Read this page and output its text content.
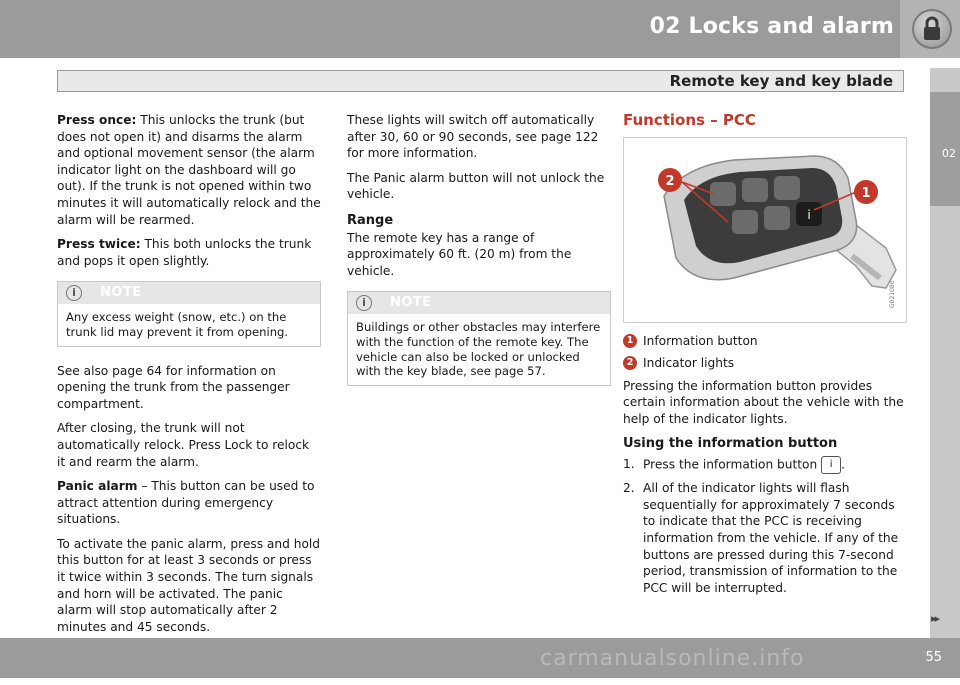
02 Locks and alarm
Remote key and key blade
02

Press once: This unlocks the trunk (but does not open it) and disarms the alarm and optional movement sensor (the alarm indicator light on the dashboard will go out). If the trunk is not opened within two minutes it will automatically relock and the alarm will be rearmed.

Press twice: This both unlocks the trunk and pops it open slightly.

i	NOTE
Any excess weight (snow, etc.) on the trunk lid may prevent it from opening.

See also page 64 for information on opening the trunk from the passenger compartment.

After closing, the trunk will not automatically relock. Press Lock to relock it and rearm the alarm.

Panic alarm – This button can be used to attract attention during emergency situations.

To activate the panic alarm, press and hold this button for at least 3 seconds or press it twice within 3 seconds. The turn signals and horn will be activated. The panic alarm will stop automatically after 2 minutes and 45 seconds.

These lights will switch off automatically after 30, 60 or 90 seconds, see page 122 for more information.

The Panic alarm button will not unlock the vehicle.

Range

The remote key has a range of approximately 60 ft. (20 m) from the vehicle.

i	NOTE
Buildings or other obstacles may interfere with the function of the remote key. The vehicle can also be locked or unlocked with the key blade, see page 57.
Functions – PCC
i
2
1
G021080
1 Information button
2 Indicator lights

Pressing the information button provides certain information about the vehicle with the help of the indicator lights.

Using the information button
1. Press the information button i .
2. All of the indicator lights will flash sequentially for approximately 7 seconds to indicate that the PCC is receiving information from the vehicle. If any of the buttons are pressed during this 7-second period, transmission of information to the PCC will be interrupted.
▸▸
carmanualsonline.info	55
